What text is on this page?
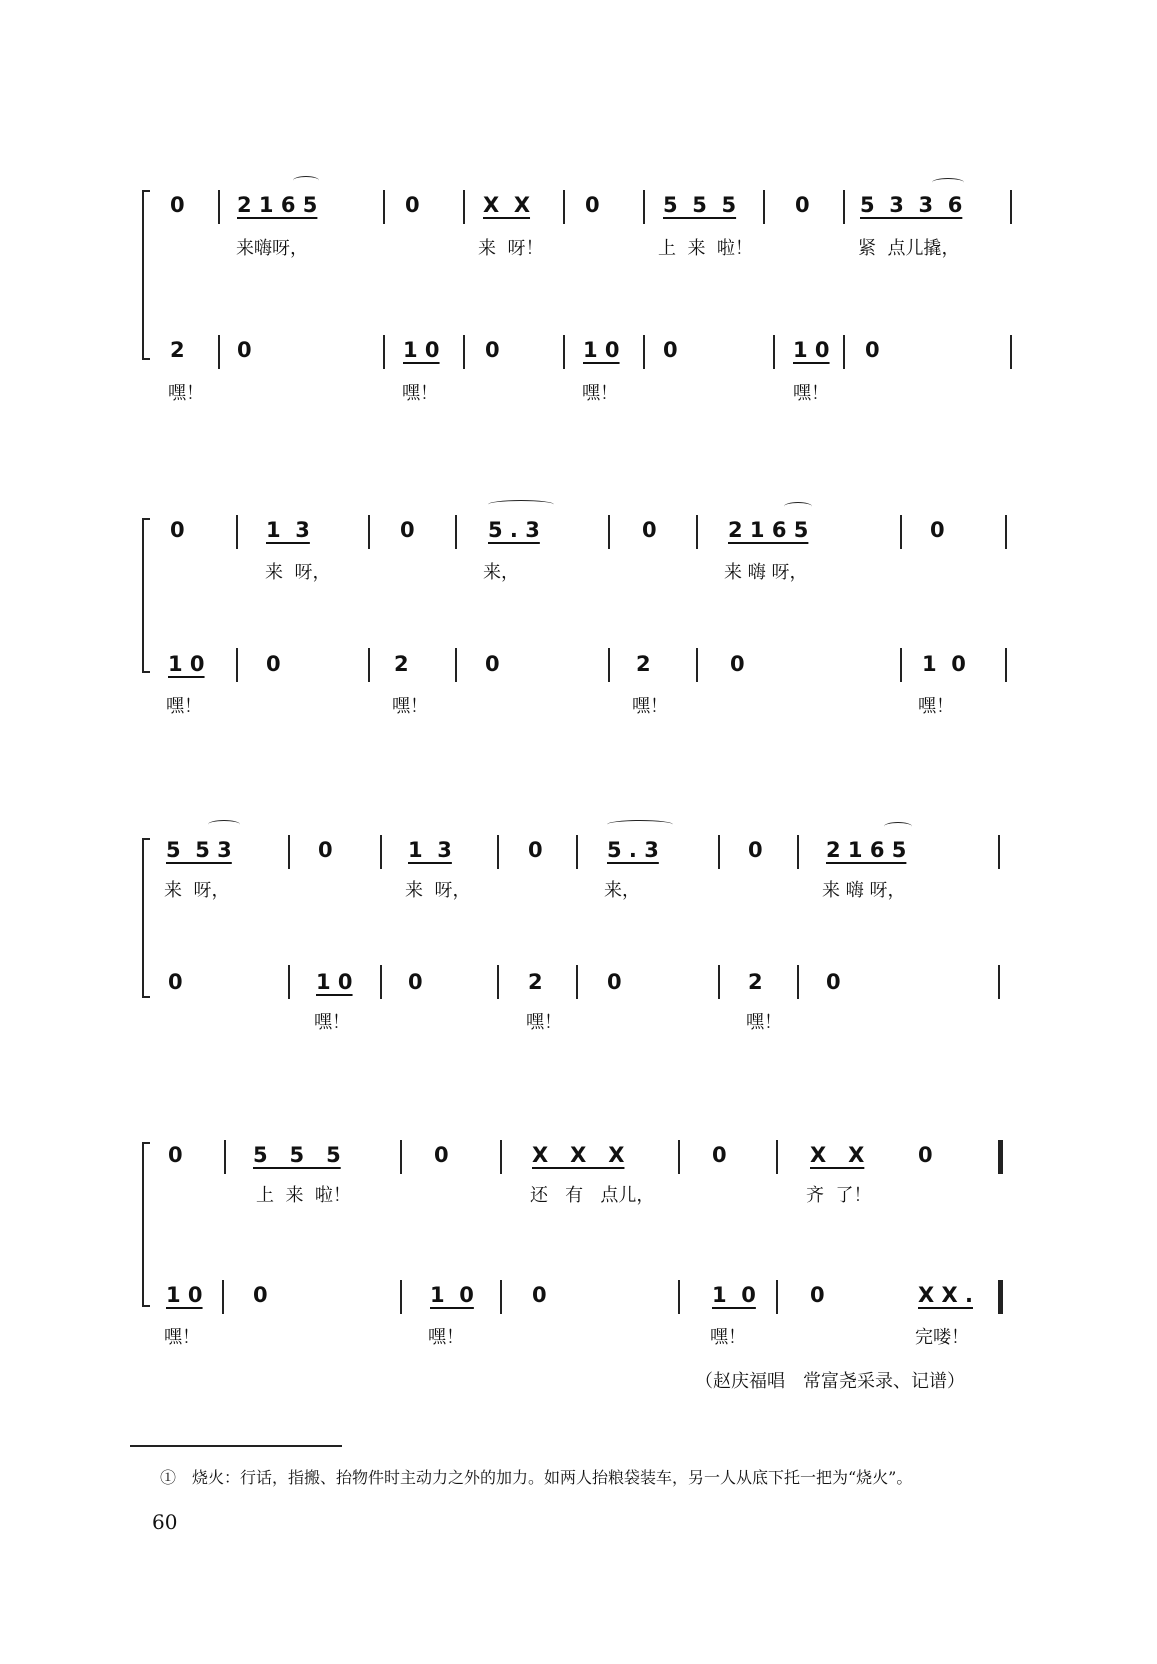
0 2 1 6 5	0	X  X	0	5  5  5	0 5  3  3  6
来嗨呀，	来  呀！	上  来  啦！	紧  点儿撬，
2 0	1 0 0	1 0 0	1 0 0
嘿！	嘿！	嘿！	嘿！
0	1  3	0	5 . 3	0	2 1 6 5	0
来  呀，	来，	来 嗨 呀，
1 0	0	2	0	2	0	1  0
嘿！	嘿！	嘿！	嘿！
5  5 3	0	1  3	0	5 . 3	0	2 1 6 5
来  呀，	来  呀，	来，	来 嗨 呀，
0	1 0	0	2	0	2	0
嘿！	嘿！	嘿！
0	5   5   5	0	X   X   X	0	X   X	0
上  来  啦！	还   有   点儿，	齐  了！
1 0 0	1  0	0	1  0	0	X X .
嘿！	嘿！	嘿！	完喽！
（赵庆福唱　常富尧采录、记谱）
①　烧火：行话，指搬、抬物件时主动力之外的加力。如两人抬粮袋装车，另一人从底下托一把为“烧火”。
60
